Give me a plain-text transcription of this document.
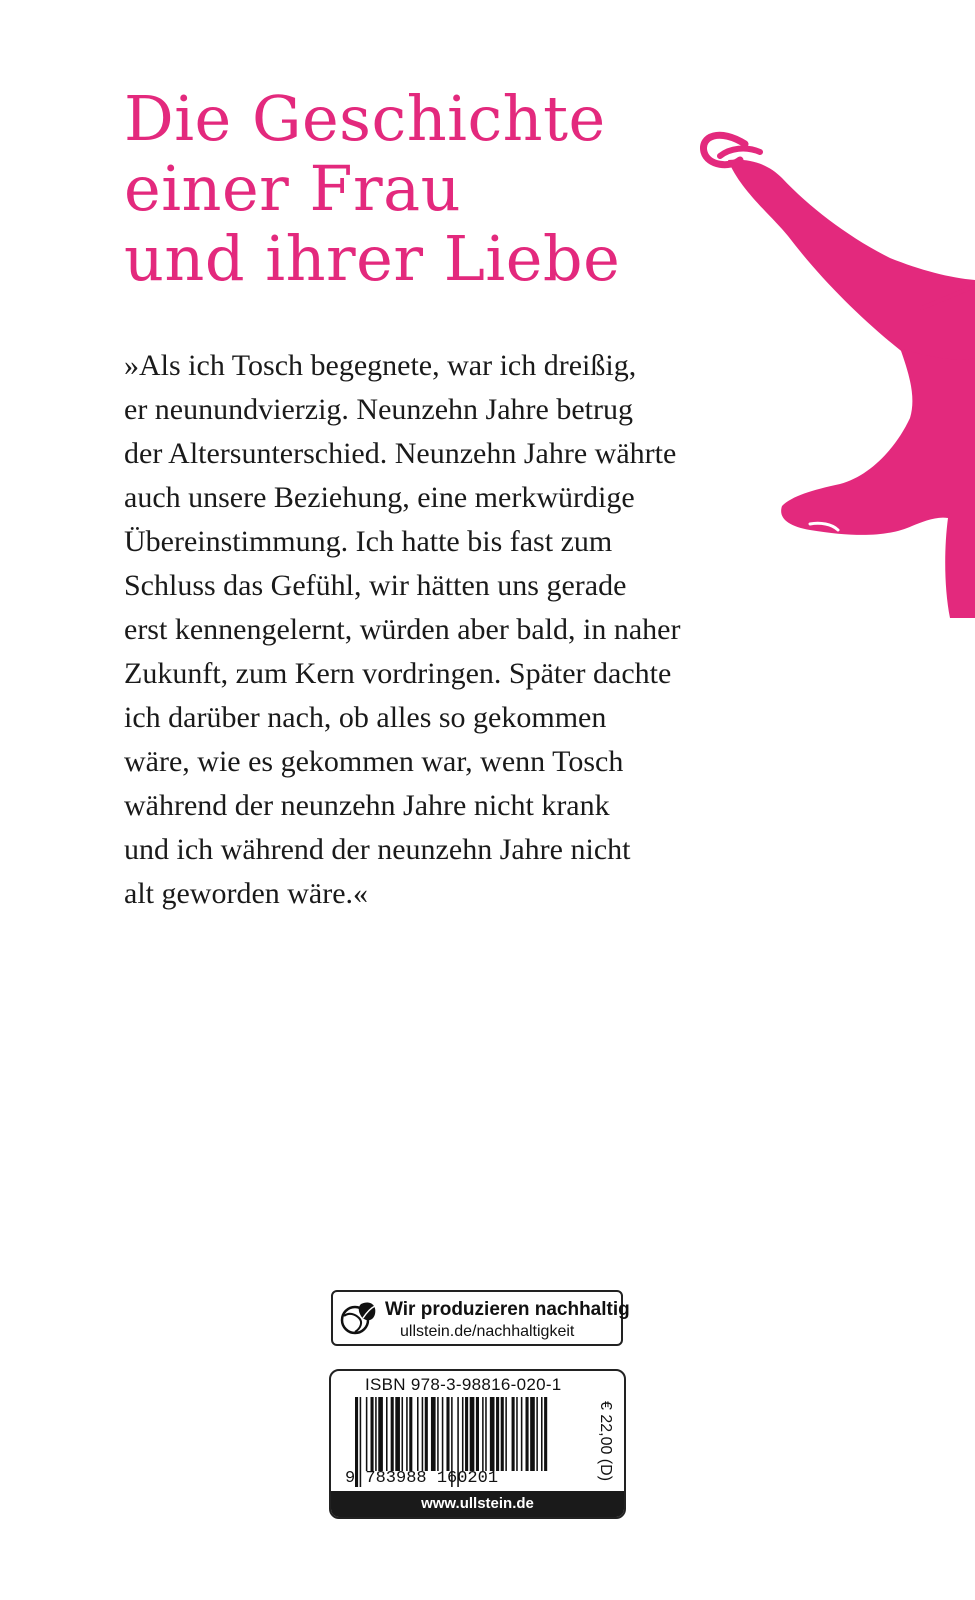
Die Geschichte
einer Frau
und ihrer Liebe
»Als ich Tosch begegnete, war ich dreißig,
er neunundvierzig. Neunzehn Jahre betrug
der Altersunterschied. Neunzehn Jahre währte
auch unsere Beziehung, eine merkwürdige
Übereinstimmung. Ich hatte bis fast zum
Schluss das Gefühl, wir hätten uns gerade
erst kennengelernt, würden aber bald, in naher
Zukunft, zum Kern vordringen. Später dachte
ich darüber nach, ob alles so gekommen
wäre, wie es gekommen war, wenn Tosch
während der neunzehn Jahre nicht krank
und ich während der neunzehn Jahre nicht
alt geworden wäre.«
Wir produzieren nachhaltig
ullstein.de/nachhaltigkeit
ISBN 978-3-98816-020-1
9 783988 160201	€ 22,00 (D)
www.ullstein.de
